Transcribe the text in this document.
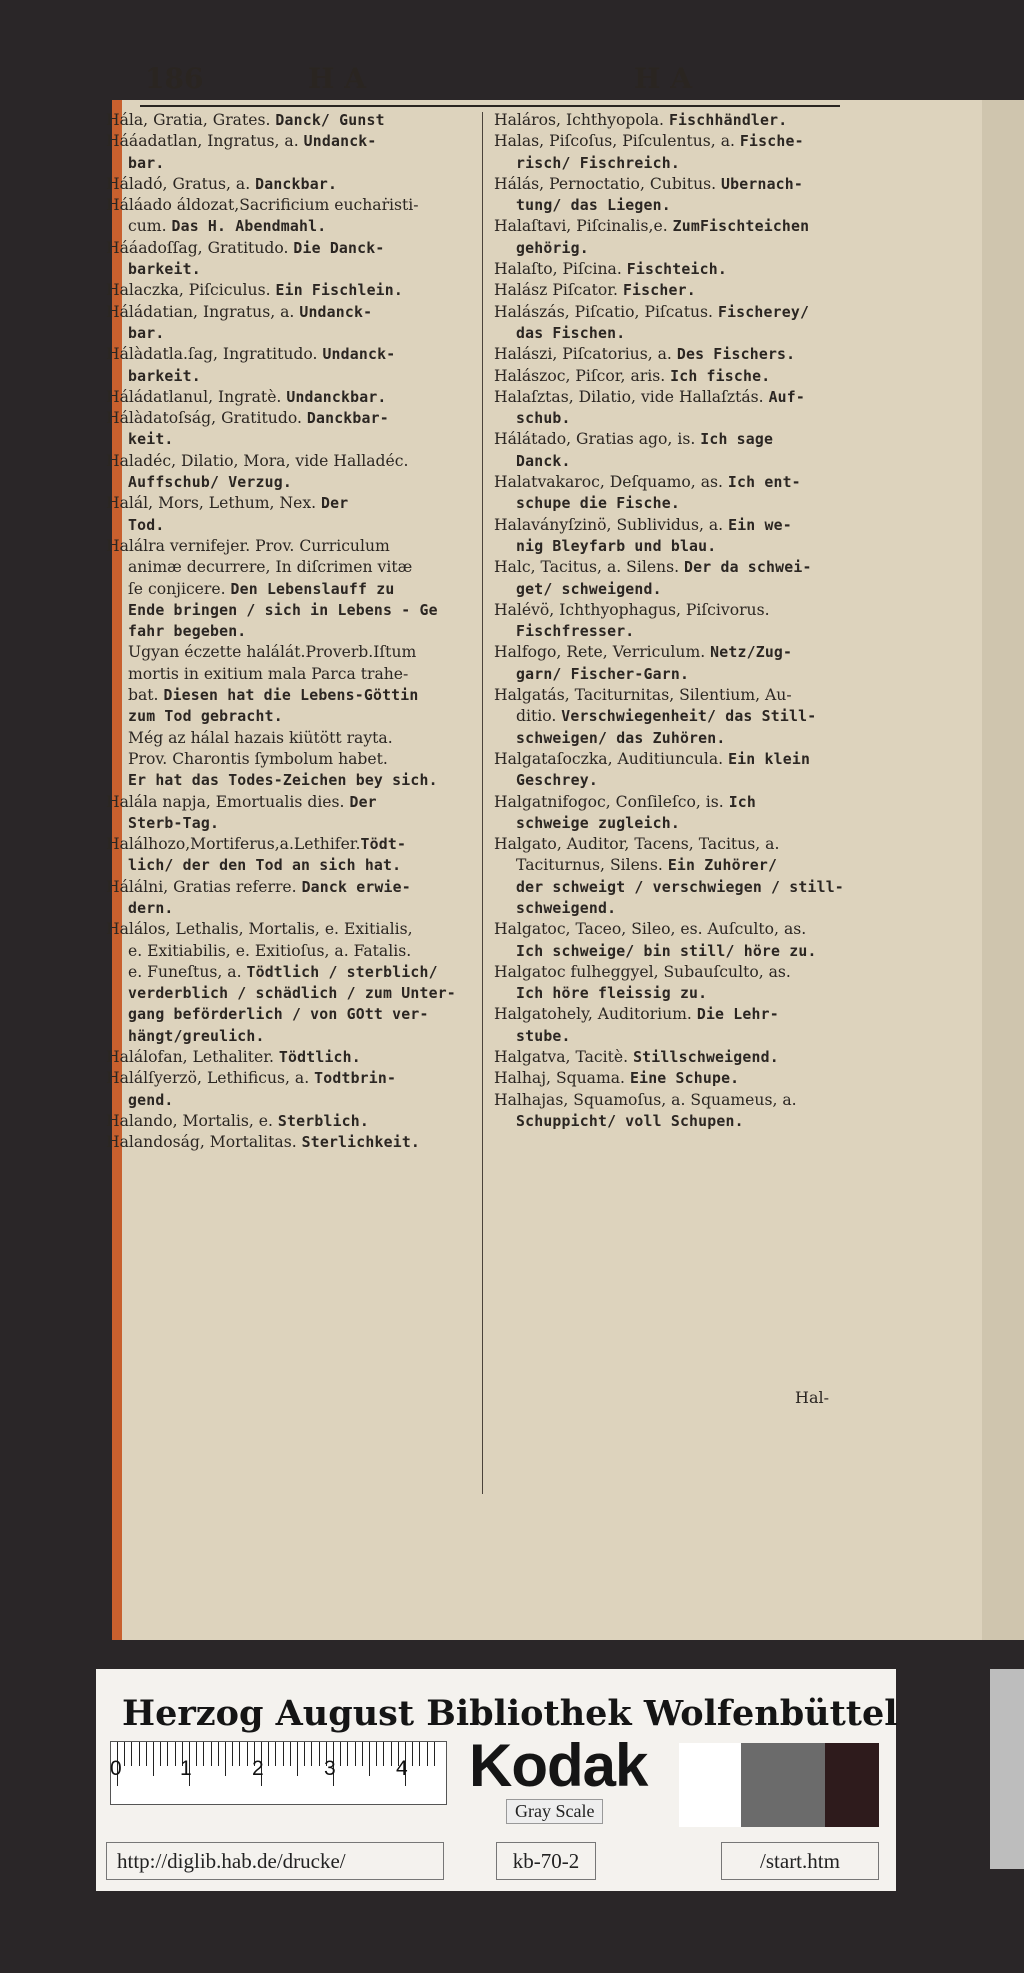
186	H A	H A

Hála, Gratia, Grates. Danck/ Gunst

Hááadatlan, Ingratus, a. Undanck-

bar.

Háladó, Gratus, a. Danckbar.

Háláado áldozat,Sacrificium euchaṙisti-

cum. Das H. Abendmahl.

Hááadoſſag, Gratitudo. Die Danck-

barkeit.

Halaczka, Piſciculus. Ein Fischlein.

Háládatian, Ingratus, a. Undanck-

bar.

Hálàdatla.ſag, Ingratitudo. Undanck-

barkeit.

Háládatlanul, Ingratè. Undanckbar.

Hálàdatoſság, Gratitudo. Danckbar-

keit.

Haladéc, Dilatio, Mora, vide Halladéc.

Auffschub/ Verzug.

Halál, Mors, Lethum, Nex. Der

Tod.

Halálra vernifejer. Prov. Curriculum

animæ decurrere, In diſcrimen vitæ

ſe conjicere. Den Lebenslauff zu

Ende bringen / sich in Lebens - Ge

fahr begeben.

Ugyan éczette halálát.Proverb.Iſtum

mortis in exitium mala Parca trahe-

bat. Diesen hat die Lebens-Göttin

zum Tod gebracht.

Még az hálal hazais kiütött rayta.

Prov. Charontis ſymbolum habet.

Er hat das Todes-Zeichen bey sich.

Halála napja, Emortualis dies. Der

Sterb-Tag.

Halálhozo,Mortiferus,a.Lethifer.Tödt-

lich/ der den Tod an sich hat.

Hálálni, Gratias referre. Danck erwie-

dern.

Halálos, Lethalis, Mortalis, e. Exitialis,

e. Exitiabilis, e. Exitioſus, a. Fatalis.

e. Funeſtus, a. Tödtlich / sterblich/

verderblich / schädlich / zum Unter-

gang beförderlich / von GOtt ver-

hängt/greulich.

Halálofan, Lethaliter. Tödtlich.

Halálſyerzö, Lethificus, a. Todtbrin-

gend.

Halando, Mortalis, e. Sterblich.

Halandoság, Mortalitas. Sterlichkeit.

Haláros, Ichthyopola. Fischhändler.

Halas, Piſcoſus, Piſculentus, a. Fische-

risch/ Fischreich.

Hálás, Pernoctatio, Cubitus. Ubernach-

tung/ das Liegen.

Halaſtavi, Piſcinalis,e. ZumFischteichen

gehörig.

Halaſto, Piſcina. Fischteich.

Halász Piſcator. Fischer.

Halászás, Piſcatio, Piſcatus. Fischerey/

das Fischen.

Halászi, Piſcatorius, a. Des Fischers.

Halászoc, Piſcor, aris. Ich fische.

Halaſztas, Dilatio, vide Hallaſztás. Auf-

schub.

Hálátado, Gratias ago, is. Ich sage

Danck.

Halatvakaroc, Deſquamo, as. Ich ent-

schupe die Fische.

Halaványſzinö, Sublividus, a. Ein we-

nig Bleyfarb und blau.

Halc, Tacitus, a. Silens. Der da schwei-

get/ schweigend.

Halévö, Ichthyophagus, Piſcivorus.

Fischfresser.

Halfogo, Rete, Verriculum. Netz/Zug-

garn/ Fischer-Garn.

Halgatás, Taciturnitas, Silentium, Au-

ditio. Verschwiegenheit/ das Still-

schweigen/ das Zuhören.

Halgataſoczka, Auditiuncula. Ein klein

Geschrey.

Halgatnifogoc, Conſileſco, is. Ich

schweige zugleich.

Halgato, Auditor, Tacens, Tacitus, a.

Taciturnus, Silens. Ein Zuhörer/

der schweigt / verschwiegen / still-

schweigend.

Halgatoc, Taceo, Sileo, es. Auſculto, as.

Ich schweige/ bin still/ höre zu.

Halgatoc fulheggyel, Subauſculto, as.

Ich höre fleissig zu.

Halgatohely, Auditorium. Die Lehr-

stube.

Halgatva, Tacitè. Stillschweigend.

Halhaj, Squama. Eine Schupe.

Halhajas, Squamoſus, a. Squameus, a.

Schuppicht/ voll Schupen.

Hal-
Herzog August Bibliothek Wolfenbüttel
0	1	2	3	4 Kodak
Gray Scale
http://diglib.hab.de/drucke/	kb-70-2	/start.htm
